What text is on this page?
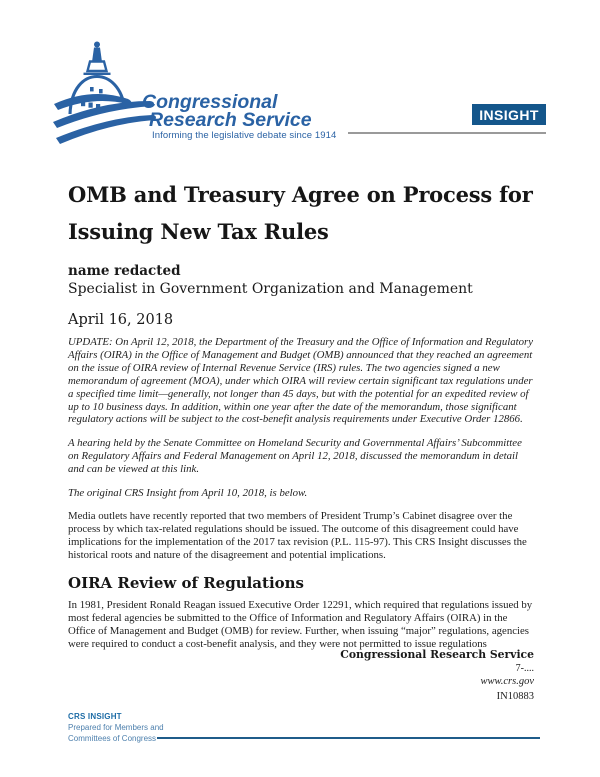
Congressional
Research Service
Informing the legislative debate since 1914
INSIGHT
OMB and Treasury Agree on Process for
Issuing New Tax Rules
name redacted
Specialist in Government Organization and Management
April 16, 2018

UPDATE: On April 12, 2018, the Department of the Treasury and the Office of Information and Regulatory Affairs (OIRA) in the Office of Management and Budget (OMB) announced that they reached an agreement on the issue of OIRA review of Internal Revenue Service (IRS) rules. The two agencies signed a new memorandum of agreement (MOA), under which OIRA will review certain significant tax regulations under a specified time limit—generally, not longer than 45 days, but with the potential for an expedited review of up to 10 business days. In addition, within one year after the date of the memorandum, those significant regulatory actions will be subject to the cost-benefit analysis requirements under Executive Order 12866.

A hearing held by the Senate Committee on Homeland Security and Governmental Affairs’ Subcommittee on Regulatory Affairs and Federal Management on April 12, 2018, discussed the memorandum in detail and can be viewed at this link.

The original CRS Insight from April 10, 2018, is below.

Media outlets have recently reported that two members of President Trump’s Cabinet disagree over the process by which tax-related regulations should be issued. The outcome of this disagreement could have implications for the implementation of the 2017 tax revision (P.L. 115-97). This CRS Insight discusses the historical roots and nature of the disagreement and potential implications.

OIRA Review of Regulations

In 1981, President Ronald Reagan issued Executive Order 12291, which required that regulations issued by most federal agencies be submitted to the Office of Information and Regulatory Affairs (OIRA) in the Office of Management and Budget (OMB) for review. Further, when issuing “major” regulations, agencies were required to conduct a cost-benefit analysis, and they were not permitted to issue regulations

Congressional Research Service
7-....
www.crs.gov
IN10883
CRS INSIGHT
Prepared for Members and
Committees of Congress
